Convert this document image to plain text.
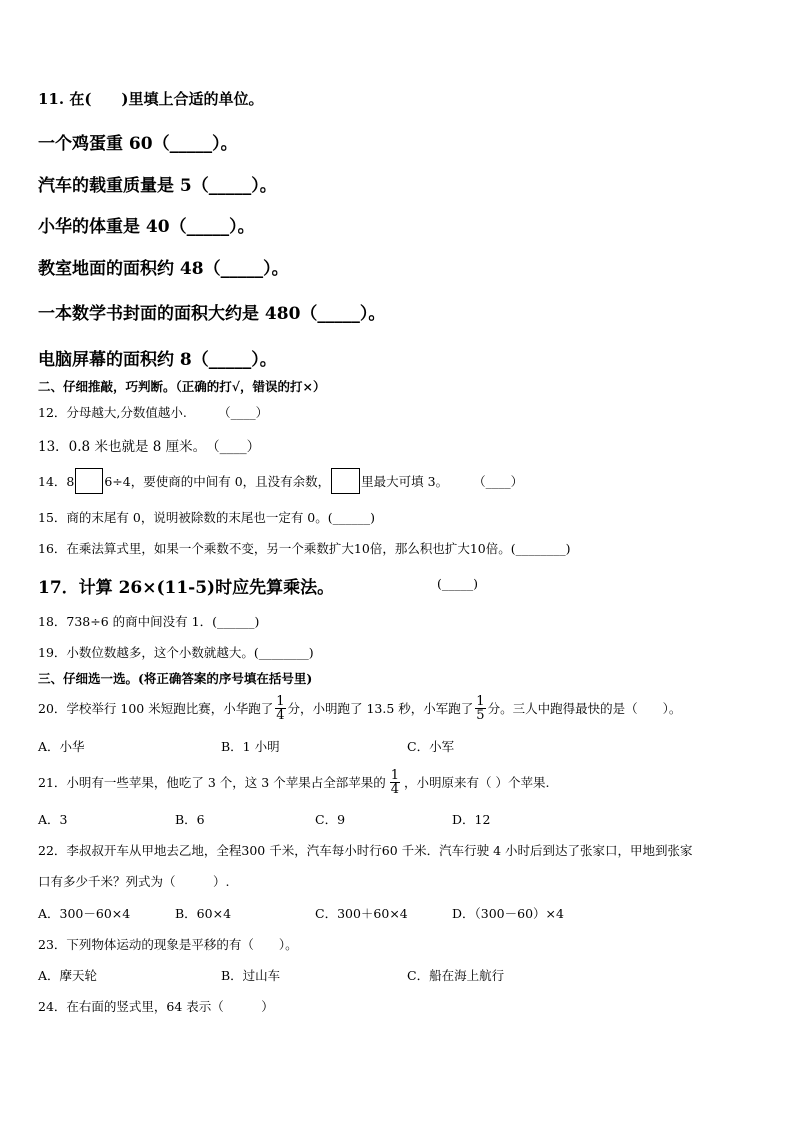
11. 在(　　)里填上合适的单位。
一个鸡蛋重 60（_____）。
汽车的载重质量是 5（_____）。
小华的体重是 40（_____）。
教室地面的面积约 48（_____）。
一本数学书封面的面积大约是 480（_____）。
电脑屏幕的面积约 8（_____）。
二、仔细推敲，巧判断。（正确的打√，错误的打×）
12．分母越大,分数值越小.　　　（____）
13．0.8 米也就是 8 厘米。　（____）
14．8 6÷4，要使商的中间有 0，且没有余数， 里最大可填 3。　　　（____）
15．商的末尾有 0，说明被除数的末尾也一定有 0。(______)
16．在乘法算式里，如果一个乘数不变，另一个乘数扩大10倍，那么积也扩大10倍。(________)
17．计算 26×(11-5)时应先算乘法。	(_____)
18．738÷6 的商中间没有 1．(______)
19．小数位数越多，这个小数就越大。(________)
三、仔细选一选。(将正确答案的序号填在括号里)
20．学校举行 100 米短跑比赛，小华跑了 $\frac{1}{4}$ 分，小明跑了 13.5 秒，小军跑了 $\frac{1}{5}$ 分。三人中跑得最快的是（　　）。
A．小华	B．1 小明	C．小军
21．小明有一些苹果，他吃了 3 个，这 3 个苹果占全部苹果的 $\frac{1}{4}$ ，小明原来有（ ）个苹果.
A．3	B．6	C．9	D．12
22．李叔叔开车从甲地去乙地，全程300 千米，汽车每小时行60 千米．汽车行驶 4 小时后到达了张家口，甲地到张家
口有多少千米？列式为（　　　）.
A．300－60×4	B．60×4	C．300＋60×4	D．（300－60）×4
23．下列物体运动的现象是平移的有（　　）。
A．摩天轮	B．过山车	C．船在海上航行
24．在右面的竖式里，64 表示（　　　）
